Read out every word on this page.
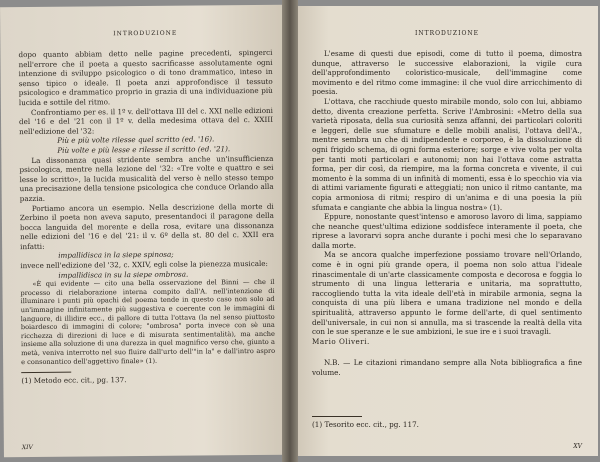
INTRODUZIONE

dopo quanto abbiam detto nelle pagine precedenti, spingerci nell'errore che il poeta a questo sacrificasse assolutamente ogni intenzione di sviluppo psicologico o di tono drammatico, inteso in senso tipico o ideale. Il poeta anzi approfondisce il tessuto psicologico e drammatico proprio in grazia di una individuazione più lucida e sottile del ritmo.

Confrontiamo per es. il 1º v. dell'ottava III del c. XXI nelle edizioni del '16 e del '21 con il 1º v. della medesima ottava del c. XXIII nell'edizione del '32:

Più e più volte rilesse quel scritto (ed. '16).

Più volte e più lesse e rilesse il scritto (ed. '21).

La dissonanza quasi stridente sembra anche un'insufficienza psicologica, mentre nella lezione del '32: «Tre volte e quattro e sei lesse lo scritto», la lucida musicalità del verso è nello stesso tempo una precisazione della tensione psicologica che conduce Orlando alla pazzia.

Portiamo ancora un esempio. Nella descrizione della morte di Zerbino il poeta non aveva saputo, presentandoci il paragone della bocca languida del morente e della rosa, evitare una dissonanza nelle edizioni del '16 e del '21: il v. 6º della st. 80 del c. XXII era infatti:

impallidisca in la siepe spinosa;

invece nell'edizione del '32, c. XXIV, egli colse la pienezza musicale:

impallidisca in su la siepe ombrosa.

«È qui evidente — cito una bella osservazione del Binni — che il processo di rielaborazione interna compito dall'A. nell'intenzione di illuminare i punti più opachi del poema tende in questo caso non solo ad un'immagine infinitamente più suggestiva e coerente con le immagini di languore, di illidire ecc., di pallore di tutta l'ottava (la nel senso piuttosto boiardesco di immagini di colore; "ombrosa" porta invece con sè una ricchezza di direzioni di luce e di misurata sentimentalità), ma anche insieme alla soluzione di una durezza in quel magnifico verso che, giunto a metà, veniva interrotto nel suo fluire dall'urto dell'"in la" e dall'intro aspro e consonantico dell'aggettivo finale» (1).

(1) Metodo ecc. cit., pg. 137.

XIV
INTRODUZIONE

L'esame di questi due episodi, come di tutto il poema, dimostra dunque, attraverso le successive elaborazioni, la vigile cura dell'approfondimento coloristico-musicale, dell'immagine come movimento e del ritmo come immagine: il che vuol dire arricchimento di poesia.

L'ottava, che racchiude questo mirabile mondo, solo con lui, abbiamo detto, diventa creazione perfetta. Scrive l'Ambrosini: «Metro della sua varietà riposata, della sua curiosità senza affanni, dei particolari coloriti e leggeri, delle sue sfumature e delle mobili analisi, l'ottava dell'A., mentre sembra un che di indipendente e corporeo, è la dissoluzione di ogni frigido schema, di ogni forma esteriore; sorge e vive volta per volta per tanti moti particolari e autonomi; non hai l'ottava come astratta forma, per dir così, da riempire, ma la forma concreta e vivente, il cui momento è la somma di un infinità di momenti, essa è lo specchio via via di attimi variamente figurati e atteggiati; non unico il ritmo cantante, ma copia armoniosa di ritmi; respiro di un'anima e di una poesia la più sfumata e cangiante che abbia la lingua nostra» (1).

Eppure, nonostante quest'intenso e amoroso lavoro di lima, sappiamo che neanche quest'ultima edizione soddisfece interamente il poeta, che riprese a lavorarvi sopra anche durante i pochi mesi che lo separavano dalla morte.

Ma se ancora qualche imperfezione possiamo trovare nell'Orlando, come è in ogni più grande opera, il poema non solo attua l'ideale rinascimentale di un'arte classicamente composta e decorosa e foggia lo strumento di una lingua letteraria e unitaria, ma soprattutto, raccogliendo tutta la vita ideale dell'età in mirabile armonia, segna la conquista di una più libera e umana tradizione nel mondo e della spiritualità, attraverso appunto le forme dell'arte, di quel sentimento dell'universale, in cui non si annulla, ma si trascende la realtà della vita con le sue speranze e le sue ambizioni, le sue ire e i suoi travagli.

Mario Oliveri.

N.B. — Le citazioni rimandano sempre alla Nota bibliografica a fine volume.

(1) Tesorito ecc. cit., pg. 117.

XV
